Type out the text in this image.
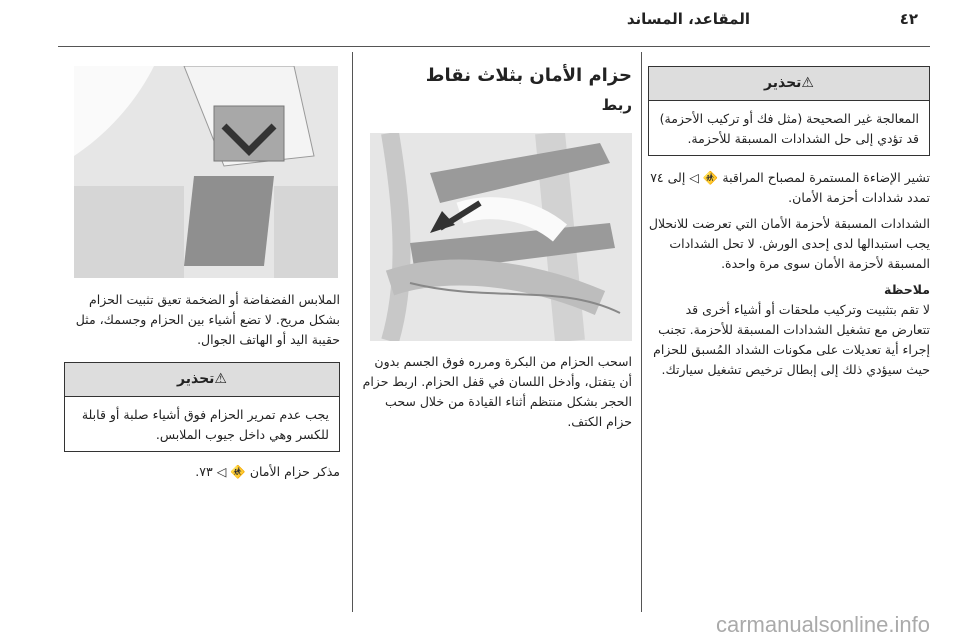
المقاعد، المساند	٤٢
⚠تحذير
المعالجة غير الصحيحة (مثل فك أو تركيب الأحزمة) قد تؤدي إلى حل الشدادات المسبقة للأحزمة.

تشير الإضاءة المستمرة لمصباح المراقبة 🚸 ◁ إلى ٧٤ تمدد شدادات أحزمة الأمان.

الشدادات المسبقة لأحزمة الأمان التي تعرضت للانحلال يجب استبدالها لدى إحدى الورش. لا تحل الشدادات المسبقة لأحزمة الأمان سوى مرة واحدة.

ملاحظة

لا تقم بتثبيت وتركيب ملحقات أو أشياء أخرى قد تتعارض مع تشغيل الشدادات المسبقة للأحزمة. تجنب إجراء أية تعديلات على مكونات الشداد المُسبق للحزام حيث سيؤدي ذلك إلى إبطال ترخيص تشغيل سيارتك.

حزام الأمان بثلاث نقاط
ربط

اسحب الحزام من البكرة ومرره فوق الجسم بدون أن يتفتل، وأدخل اللسان في قفل الحزام. اربط حزام الحجر بشكل منتظم أثناء القيادة من خلال سحب حزام الكتف.

الملابس الفضفاضة أو الضخمة تعيق تثبيت الحزام بشكل مريح. لا تضع أشياء بين الحزام وجسمك، مثل حقيبة اليد أو الهاتف الجوال.

⚠تحذير
يجب عدم تمرير الحزام فوق أشياء صلبة أو قابلة للكسر وهي داخل جيوب الملابس.

مذكر حزام الأمان 🚸 ◁ ٧٣.

carmanualsonline.info
